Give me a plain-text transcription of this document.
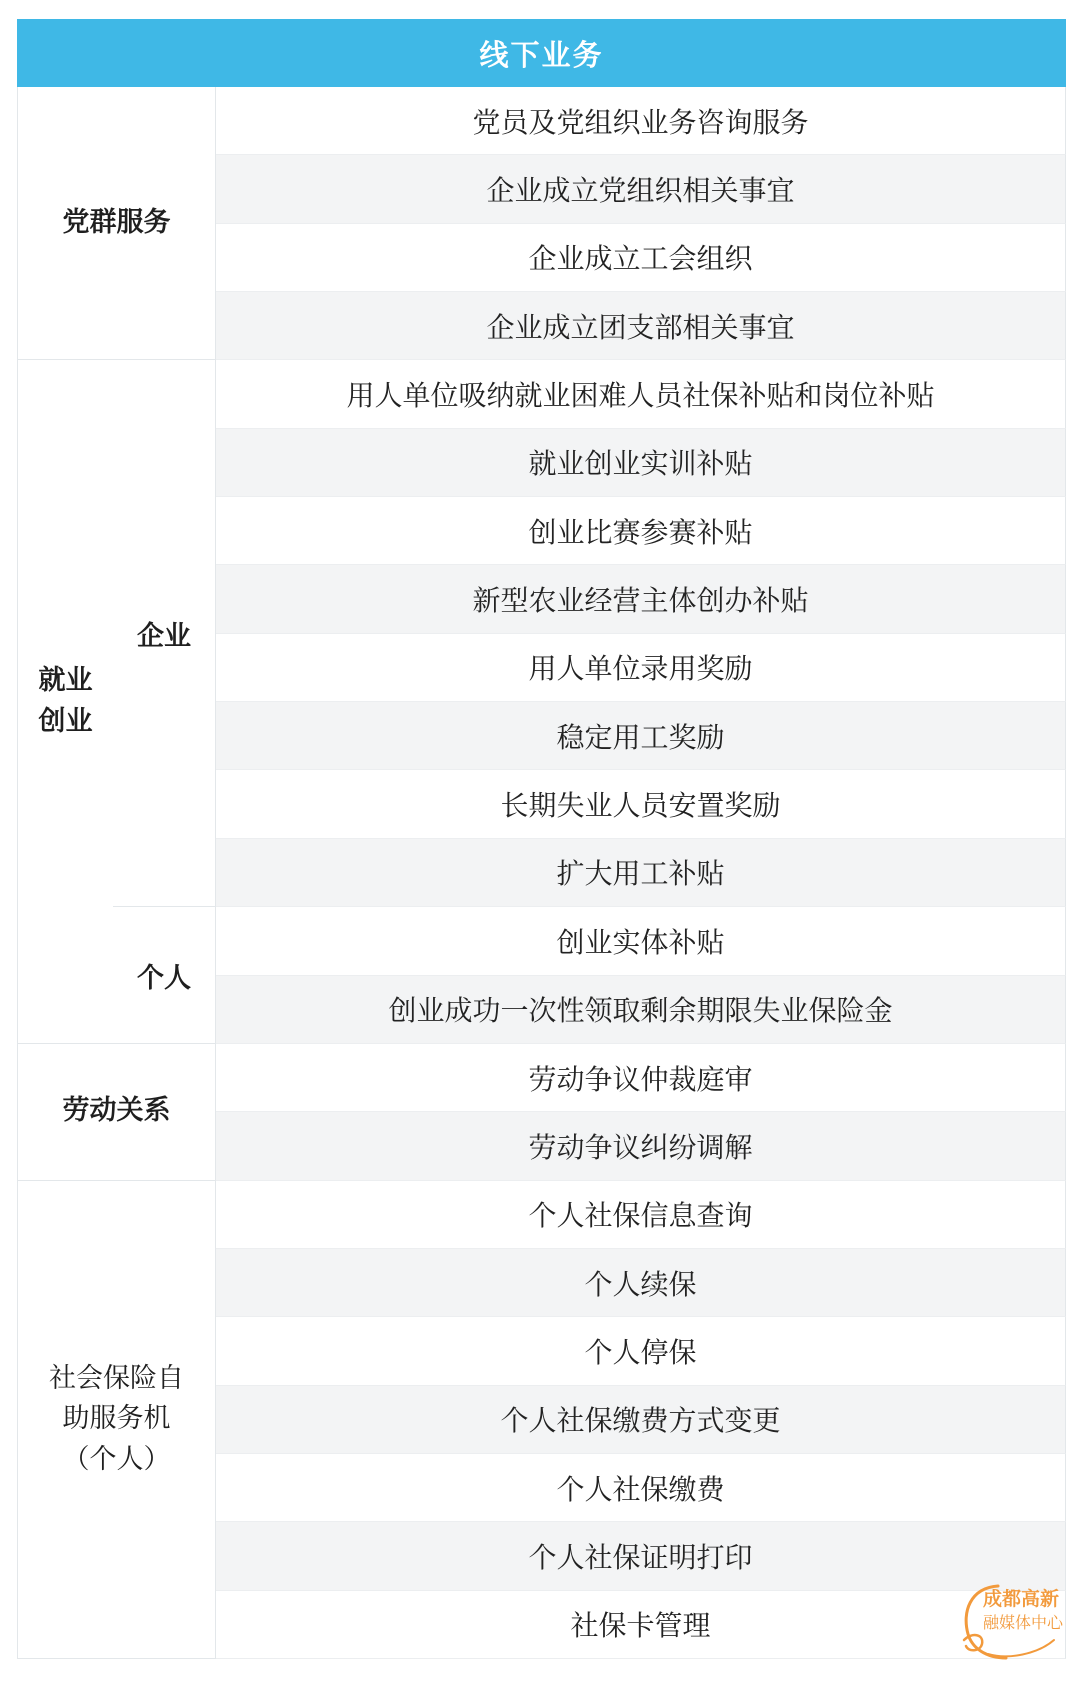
线下业务
党群服务
就业
创业
企业
个人
劳动关系
社会保险自
助服务机
（个人）
党员及党组织业务咨询服务
企业成立党组织相关事宜
企业成立工会组织
企业成立团支部相关事宜
用人单位吸纳就业困难人员社保补贴和岗位补贴
就业创业实训补贴
创业比赛参赛补贴
新型农业经营主体创办补贴
用人单位录用奖励
稳定用工奖励
长期失业人员安置奖励
扩大用工补贴
创业实体补贴
创业成功一次性领取剩余期限失业保险金
劳动争议仲裁庭审
劳动争议纠纷调解
个人社保信息查询
个人续保
个人停保
个人社保缴费方式变更
个人社保缴费
个人社保证明打印
社保卡管理
成都高新
融媒体中心
